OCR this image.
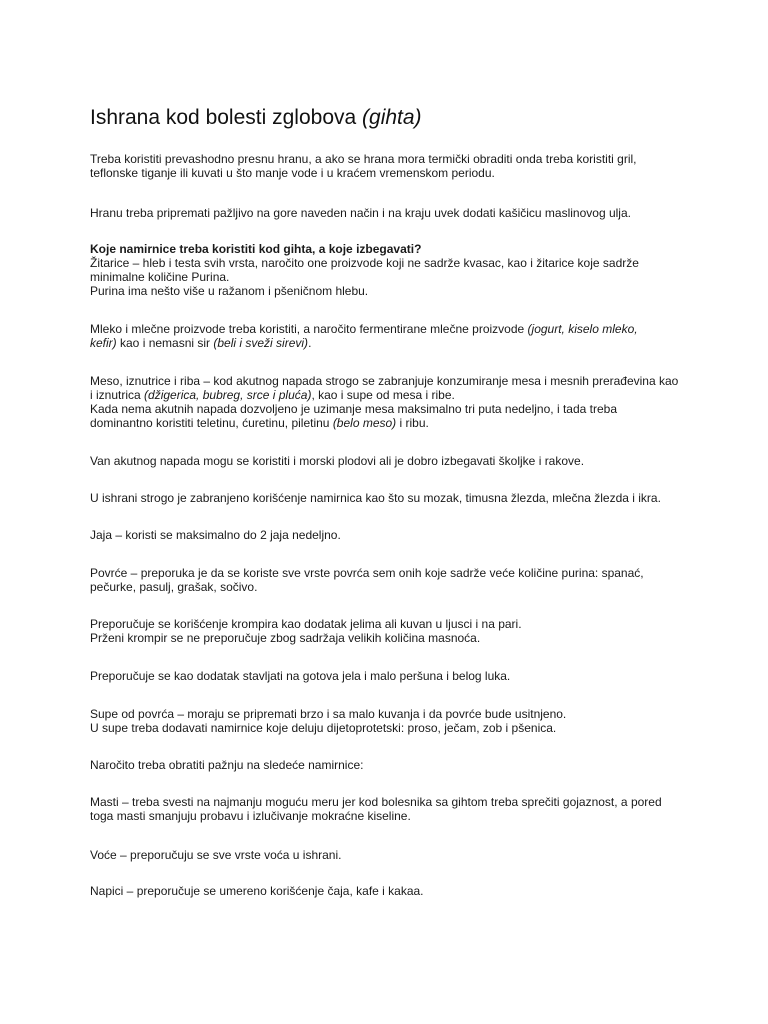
Ishrana kod bolesti zglobova (gihta)

Treba koristiti prevashodno presnu hranu, a ako se hrana mora termički obraditi onda treba koristiti gril,

teflonske tiganje ili kuvati u što manje vode i u kraćem vremenskom periodu.

Hranu treba pripremati pažljivo na gore naveden način i na kraju uvek dodati kašičicu maslinovog ulja.

Koje namirnice treba koristiti kod gihta, a koje izbegavati?

Žitarice – hleb i testa svih vrsta, naročito one proizvode koji ne sadrže kvasac, kao i žitarice koje sadrže

minimalne količine Purina.

Purina ima nešto više u ražanom i pšeničnom hlebu.

Mleko i mlečne proizvode treba koristiti, a naročito fermentirane mlečne proizvode (jogurt, kiselo mleko,

kefir) kao i nemasni sir (beli i sveži sirevi).

Meso, iznutrice i riba – kod akutnog napada strogo se zabranjuje konzumiranje mesa i mesnih prerađevina kao

i iznutrica (džigerica, bubreg, srce i pluća), kao i supe od mesa i ribe.

Kada nema akutnih napada dozvoljeno je uzimanje mesa maksimalno tri puta nedeljno, i tada treba

dominantno koristiti teletinu, ćuretinu, piletinu (belo meso) i ribu.

Van akutnog napada mogu se koristiti i morski plodovi ali je dobro izbegavati školjke i rakove.

U ishrani strogo je zabranjeno korišćenje namirnica kao što su mozak, timusna žlezda, mlečna žlezda i ikra.

Jaja – koristi se maksimalno do 2 jaja nedeljno.

Povrće – preporuka je da se koriste sve vrste povrća sem onih koje sadrže veće količine purina: spanać,

pečurke, pasulj, grašak, sočivo.

Preporučuje se korišćenje krompira kao dodatak jelima ali kuvan u ljusci i na pari.

Prženi krompir se ne preporučuje zbog sadržaja velikih količina masnoća.

Preporučuje se kao dodatak stavljati na gotova jela i malo peršuna i belog luka.

Supe od povrća – moraju se pripremati brzo i sa malo kuvanja i da povrće bude usitnjeno.

U supe treba dodavati namirnice koje deluju dijetoprotetski: proso, ječam, zob i pšenica.

Naročito treba obratiti pažnju na sledeće namirnice:

Masti – treba svesti na najmanju moguću meru jer kod bolesnika sa gihtom treba sprečiti gojaznost, a pored

toga masti smanjuju probavu i izlučivanje mokraćne kiseline.

Voće – preporučuju se sve vrste voća u ishrani.

Napici – preporučuje se umereno korišćenje čaja, kafe i kakaa.
